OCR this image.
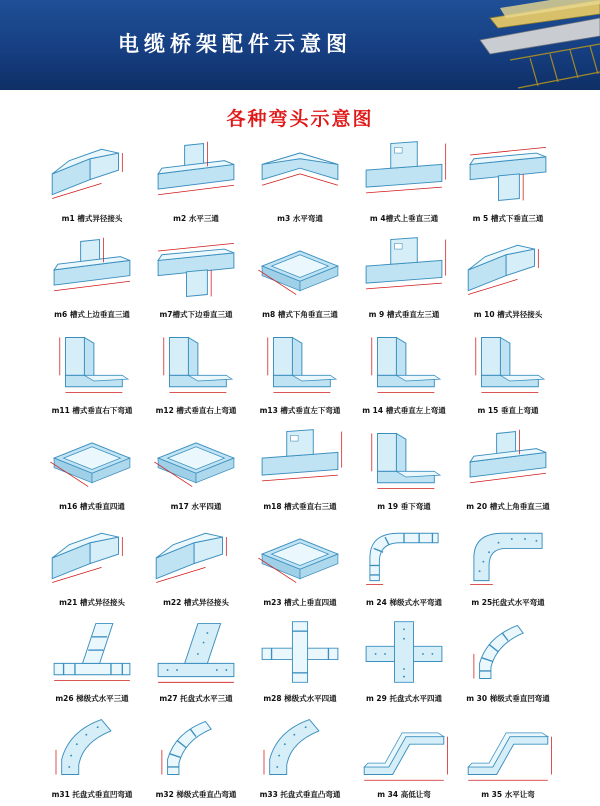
电缆桥架配件示意图
各种弯头示意图
m1 槽式异径接头	m2 水平三通	m3 水平弯通	m 4槽式上垂直三通	m 5 槽式下垂直三通
m6 槽式上边垂直三通	m7槽式下边垂直三通	m8 槽式下角垂直三通	m 9 槽式垂直左三通	m 10 槽式异径接头
m11 槽式垂直右下弯通	m12 槽式垂直右上弯通	m13 槽式垂直左下弯通	m 14 槽式垂直左上弯通	m 15 垂直上弯通
m16 槽式垂直四通	m17 水平四通	m18 槽式垂直右三通	m 19 垂下弯通	m 20 槽式上角垂直三通
m21 槽式异径接头	m22 槽式异径接头	m23 槽式上垂直四通	m 24 梯级式水平弯通	m 25托盘式水平弯通
m26 梯级式水平三通	m27 托盘式水平三通	m28 梯级式水平四通	m 29 托盘式水平四通	m 30 梯级式垂直凹弯通
m31 托盘式垂直凹弯通	m32 梯级式垂直凸弯通	m33 托盘式垂直凸弯通	m 34 高低让弯	m 35 水平让弯
